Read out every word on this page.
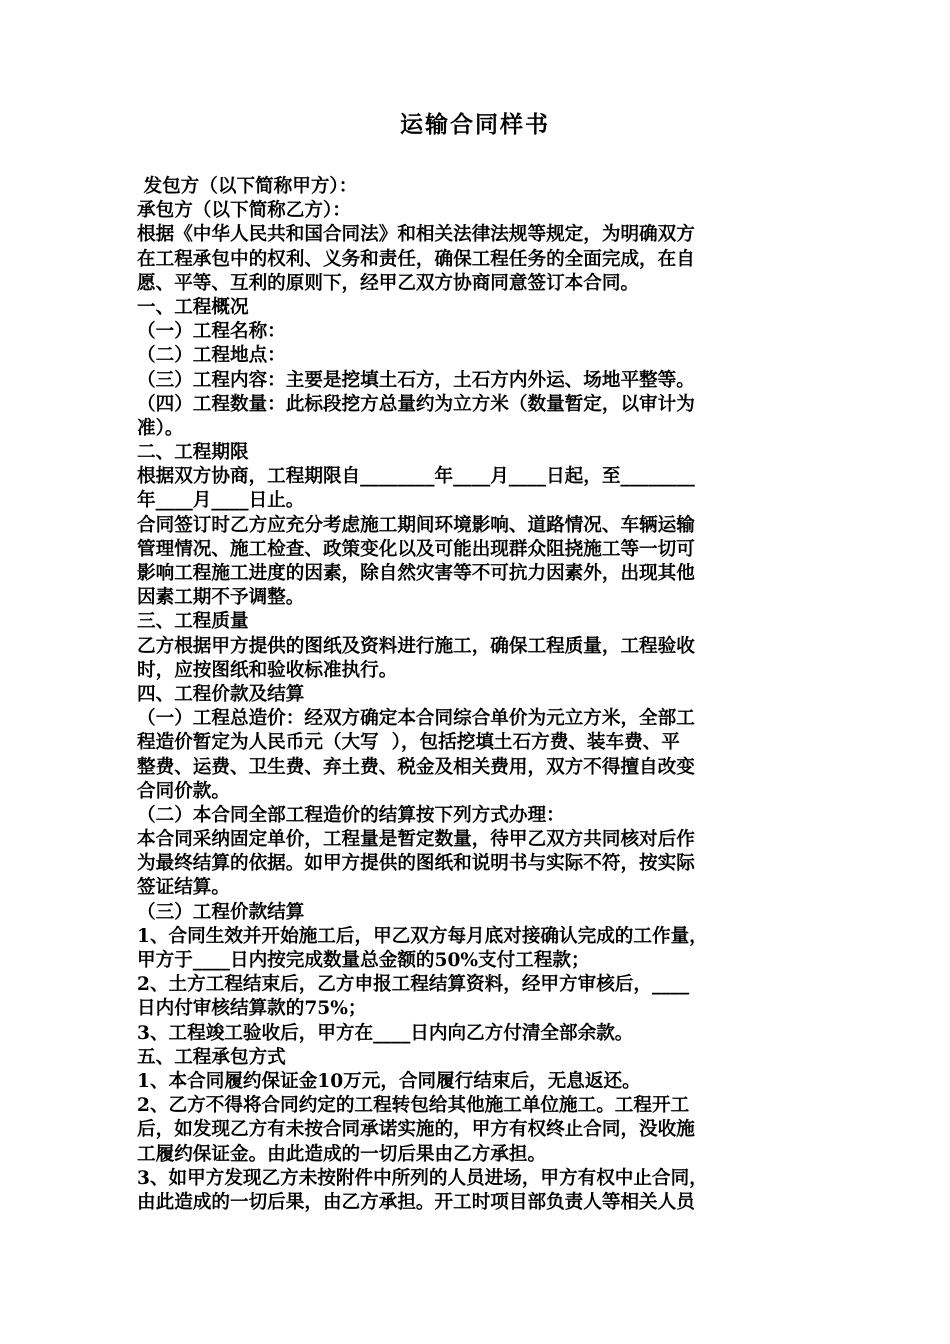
运输合同样书
发包方（以下简称甲方）：
承包方（以下简称乙方）：
根据《中华人民共和国合同法》和相关法律法规等规定，为明确双方
在工程承包中的权利、义务和责任，确保工程任务的全面完成，在自
愿、平等、互利的原则下，经甲乙双方协商同意签订本合同。
一、工程概况
（一）工程名称：
（二）工程地点：
（三）工程内容：主要是挖填土石方，土石方内外运、场地平整等。
（四）工程数量：此标段挖方总量约为立方米（数量暂定，以审计为
准）。
二、工程期限
根据双方协商，工程期限自________年____月____日起，至________
年____月____日止。
合同签订时乙方应充分考虑施工期间环境影响、道路情况、车辆运输
管理情况、施工检查、政策变化以及可能出现群众阻挠施工等一切可
影响工程施工进度的因素，除自然灾害等不可抗力因素外，出现其他
因素工期不予调整。
三、工程质量
乙方根据甲方提供的图纸及资料进行施工，确保工程质量，工程验收
时，应按图纸和验收标准执行。
四、工程价款及结算
（一）工程总造价：经双方确定本合同综合单价为元立方米，全部工
程造价暂定为人民币元（大写  ），包括挖填土石方费、装车费、平
整费、运费、卫生费、弃土费、税金及相关费用，双方不得擅自改变
合同价款。
（二）本合同全部工程造价的结算按下列方式办理：
本合同采纳固定单价，工程量是暂定数量，待甲乙双方共同核对后作
为最终结算的依据。如甲方提供的图纸和说明书与实际不符，按实际
签证结算。
（三）工程价款结算
1、合同生效并开始施工后，甲乙双方每月底对接确认完成的工作量，
甲方于____日内按完成数量总金额的50%支付工程款；
2、土方工程结束后，乙方申报工程结算资料，经甲方审核后，____
日内付审核结算款的75%；
3、工程竣工验收后，甲方在____日内向乙方付清全部余款。
五、工程承包方式
1、本合同履约保证金10万元，合同履行结束后，无息返还。
2、乙方不得将合同约定的工程转包给其他施工单位施工。工程开工
后，如发现乙方有未按合同承诺实施的，甲方有权终止合同，没收施
工履约保证金。由此造成的一切后果由乙方承担。
3、如甲方发现乙方未按附件中所列的人员进场，甲方有权中止合同，
由此造成的一切后果，由乙方承担。开工时项目部负责人等相关人员
